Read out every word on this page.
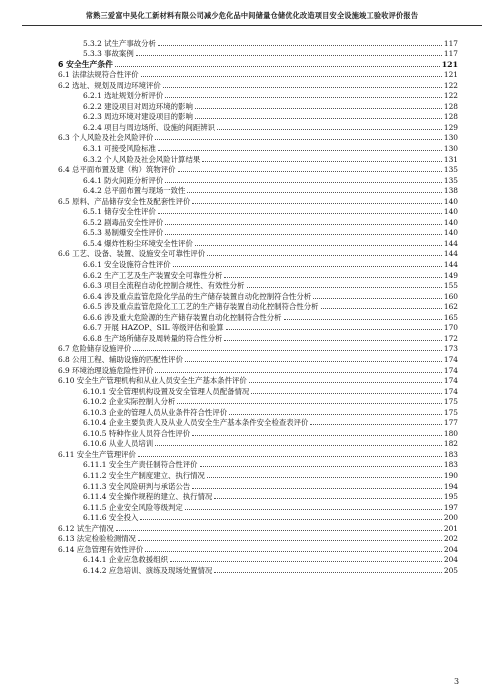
常熟三爱富中昊化工新材料有限公司减少危化品中间储量仓储优化改造项目安全设施竣工验收评价报告
5.3.2 试生产事故分析	117
5.3.3 事故案例	117
6 安全生产条件	121
6.1 法律法规符合性评价	121
6.2 选址、规划及周边环境评价	122
6.2.1 选址规划分析评价	122
6.2.2 建设项目对周边环境的影响	128
6.2.3 周边环境对建设项目的影响	128
6.2.4 项目与周边场所、设施的间距辨识	129
6.3 个人风险及社会风险评价	130
6.3.1 可接受风险标准	130
6.3.2 个人风险及社会风险计算结果	131
6.4 总平面布置及建（构）筑物评价	135
6.4.1 防火间距分析评价	135
6.4.2 总平面布置与现场一致性	138
6.5 原料、产品储存安全性及配套性评价	140
6.5.1 储存安全性评价	140
6.5.2 剧毒品安全性评价	140
6.5.3 易制爆安全性评价	140
6.5.4 爆炸性粉尘环境安全性评价	144
6.6 工艺、设备、装置、设施安全可靠性评价	144
6.6.1 安全设施符合性评价	144
6.6.2 生产工艺及生产装置安全可靠性分析	149
6.6.3 项目全流程自动化控制合规性、有效性分析	155
6.6.4 涉及重点监管危险化学品的生产储存装置自动化控制符合性分析	160
6.6.5 涉及重点监管危险化工工艺的生产储存装置自动化控制符合性分析	162
6.6.6 涉及重大危险源的生产储存装置自动化控制符合性分析	165
6.6.7 开展 HAZOP、SIL 等级评估和验算	170
6.6.8 生产场所储存及周转量的符合性分析	172
6.7 危险储存设施评价	173
6.8 公用工程、辅助设施的匹配性评价	174
6.9 环境治理设施危险性评价	174
6.10 安全生产管理机构和从业人员安全生产基本条件评价	174
6.10.1 安全管理机构设置及安全管理人员配备情况	174
6.10.2 企业实际控制人分析	175
6.10.3 企业的管理人员从业条件符合性评价	175
6.10.4 企业主要负责人及从业人员安全生产基本条件安全检查表评价	177
6.10.5 特种作业人员符合性评价	180
6.10.6 从业人员培训	182
6.11 安全生产管理评价	183
6.11.1 安全生产责任制符合性评价	183
6.11.2 安全生产制度建立、执行情况	190
6.11.3 安全风险研判与承诺公告	194
6.11.4 安全操作规程的建立、执行情况	195
6.11.5 企业安全风险等级判定	197
6.11.6 安全投入	200
6.12 试生产情况	201
6.13 法定检验检测情况	202
6.14 应急管理有效性评价	204
6.14.1 企业应急救援组织	204
6.14.2 应急培训、演练及现场处置情况	205
3
